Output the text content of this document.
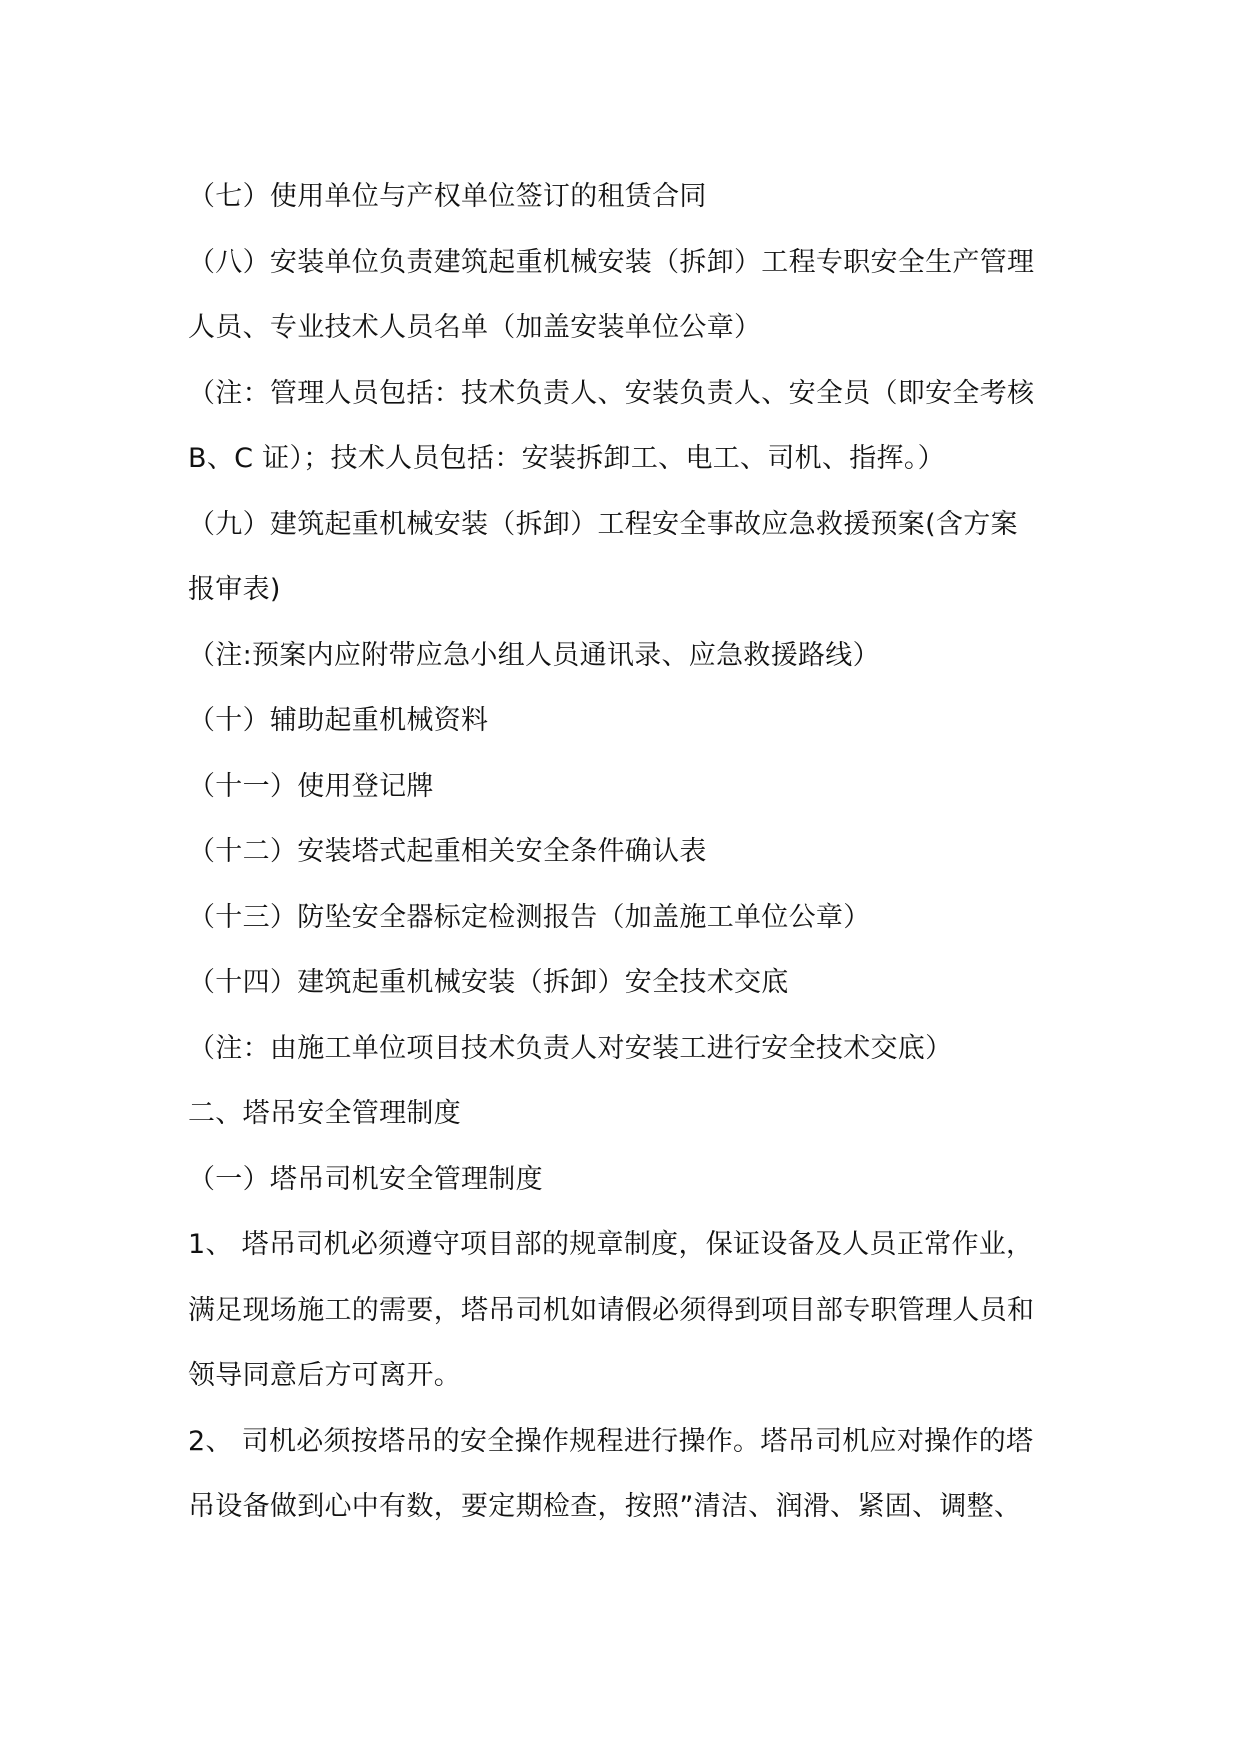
（七）使用单位与产权单位签订的租赁合同
（八）安装单位负责建筑起重机械安装（拆卸）工程专职安全生产管理
人员、专业技术人员名单（加盖安装单位公章）
（注：管理人员包括：技术负责人、安装负责人、安全员（即安全考核
B、C 证）；技术人员包括：安装拆卸工、电工、司机、指挥。）
（九）建筑起重机械安装（拆卸）工程安全事故应急救援预案(含方案
报审表)
（注:预案内应附带应急小组人员通讯录、应急救援路线）
（十）辅助起重机械资料
（十一）使用登记牌
（十二）安装塔式起重相关安全条件确认表
（十三）防坠安全器标定检测报告（加盖施工单位公章）
（十四）建筑起重机械安装（拆卸）安全技术交底
（注：由施工单位项目技术负责人对安装工进行安全技术交底）
二、塔吊安全管理制度
（一）塔吊司机安全管理制度
1、 塔吊司机必须遵守项目部的规章制度，保证设备及人员正常作业，
满足现场施工的需要，塔吊司机如请假必须得到项目部专职管理人员和
领导同意后方可离开。
2、 司机必须按塔吊的安全操作规程进行操作。塔吊司机应对操作的塔
吊设备做到心中有数，要定期检查，按照”清洁、润滑、紧固、调整、
